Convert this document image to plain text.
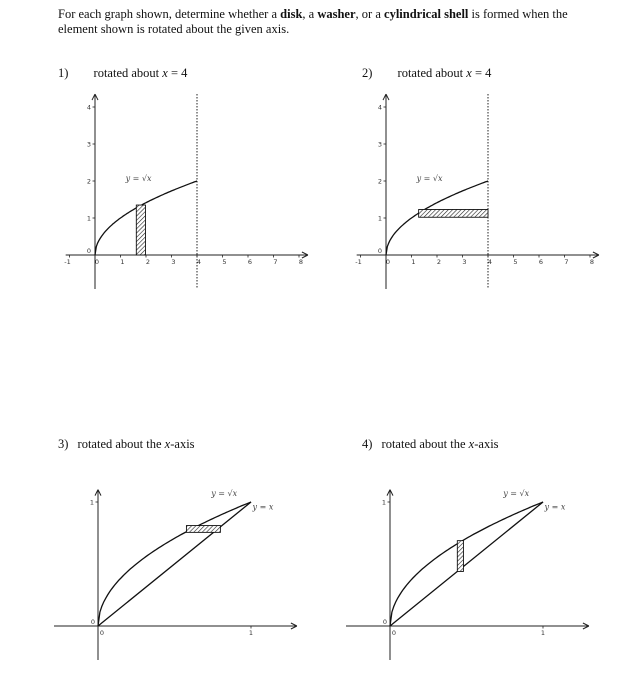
For each graph shown, determine whether a disk, a washer, or a cylindrical shell is formed when the element shown is rotated about the given axis.
1) rotated about x = 4	2) rotated about x = 4
3) rotated about the x-axis	4) rotated about the x-axis
-1	0	1	2	3	4	5	6	7	8
1
2
3
4
0
y = √x
-1	0	1	2	3	4	5	6	7	8
1
2
3
4
0
y = √x
0	1
1
0
y = √x
y = x
0	1
1
0
y = √x
y = x
